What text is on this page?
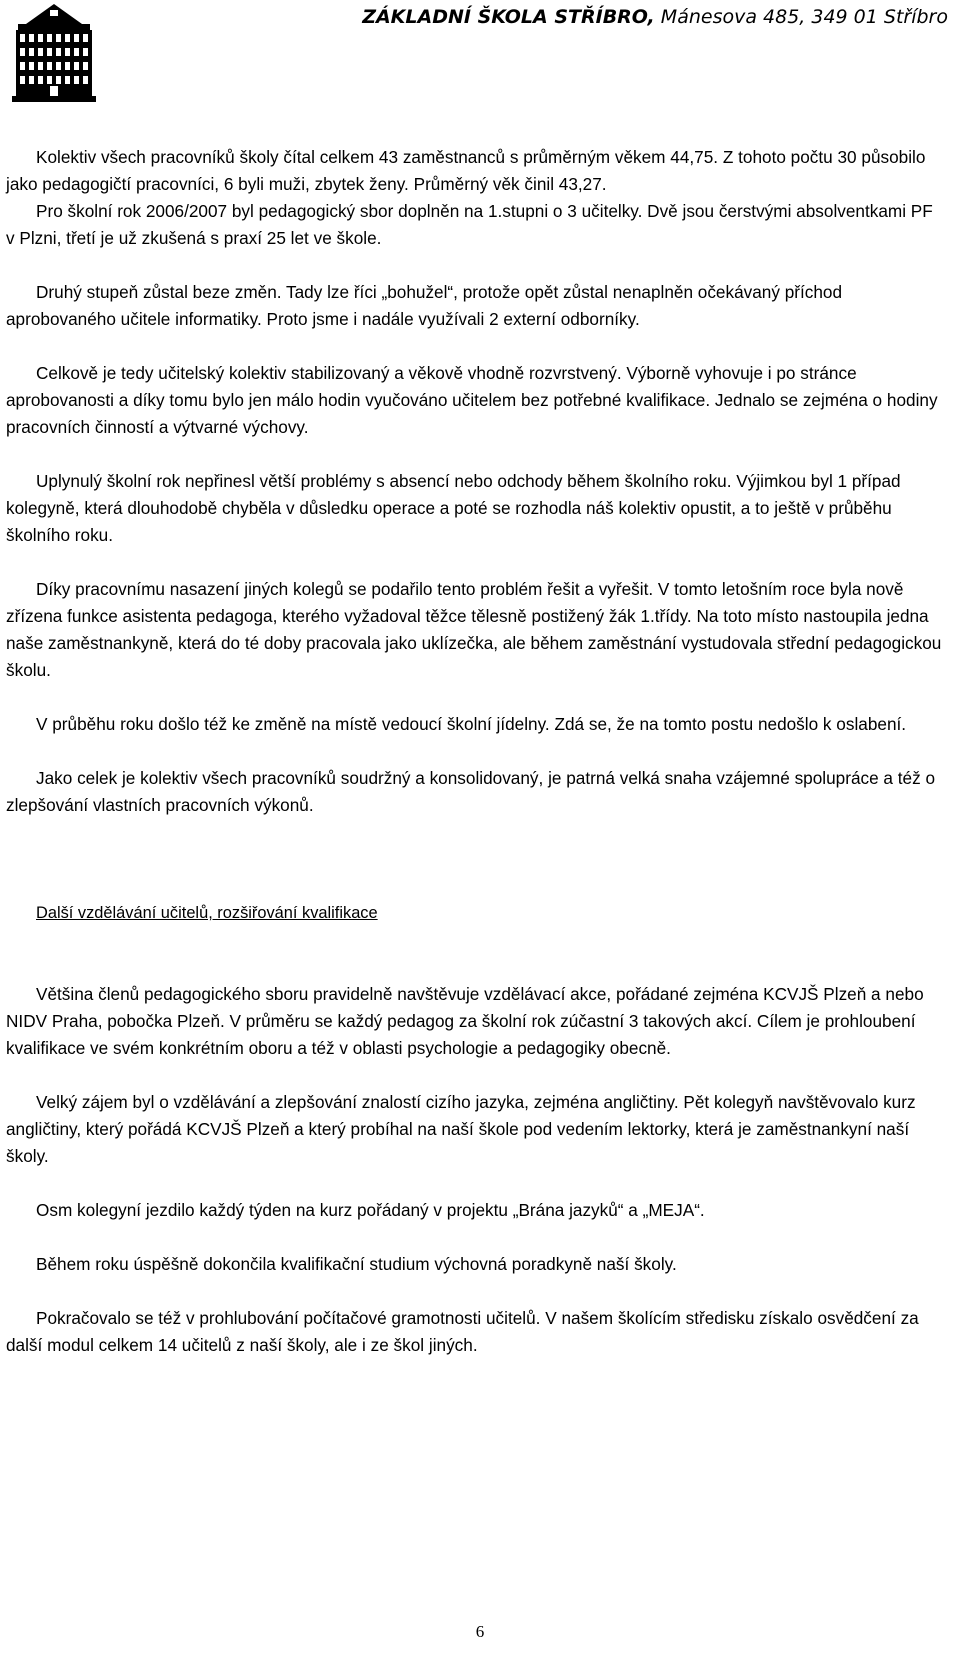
ZÁKLADNÍ ŠKOLA STŘÍBRO, Mánesova 485, 349 01 Stříbro

Kolektiv všech pracovníků školy čítal celkem 43 zaměstnanců s průměrným věkem 44,75. Z tohoto počtu 30 působilo jako pedagogičtí pracovníci, 6 byli muži, zbytek ženy. Průměrný věk činil 43,27.

Pro školní rok 2006/2007 byl pedagogický sbor doplněn na 1.stupni o 3 učitelky. Dvě jsou čerstvými absolventkami PF v Plzni, třetí je už zkušená s praxí 25 let ve škole.

Druhý stupeň zůstal beze změn. Tady lze říci „bohužel“, protože opět zůstal nenaplněn očekávaný příchod aprobovaného učitele informatiky. Proto jsme i nadále využívali 2 externí odborníky.

Celkově je tedy učitelský kolektiv stabilizovaný a věkově vhodně rozvrstvený. Výborně vyhovuje i po stránce aprobovanosti a díky tomu bylo jen málo hodin vyučováno učitelem bez potřebné kvalifikace. Jednalo se zejména o hodiny pracovních činností a výtvarné výchovy.

Uplynulý školní rok nepřinesl větší problémy s absencí nebo odchody během školního roku. Výjimkou byl 1 případ kolegyně, která dlouhodobě chyběla v důsledku operace a poté se rozhodla náš kolektiv opustit, a to ještě v průběhu školního roku.

Díky pracovnímu nasazení jiných kolegů se podařilo tento problém řešit a vyřešit. V tomto letošním roce byla nově zřízena funkce asistenta pedagoga, kterého vyžadoval těžce tělesně postižený žák 1.třídy. Na toto místo nastoupila jedna naše zaměstnankyně, která do té doby pracovala jako uklízečka, ale během zaměstnání vystudovala střední pedagogickou školu.

V průběhu roku došlo též ke změně na místě vedoucí školní jídelny. Zdá se, že na tomto postu nedošlo k oslabení.

Jako celek je kolektiv všech pracovníků soudržný a konsolidovaný, je patrná velká snaha vzájemné spolupráce a též o zlepšování vlastních pracovních výkonů.

Další vzdělávání učitelů, rozšiřování kvalifikace

Většina členů pedagogického sboru pravidelně navštěvuje vzdělávací akce, pořádané zejména KCVJŠ Plzeň a nebo NIDV Praha, pobočka Plzeň. V průměru se každý pedagog za školní rok zúčastní 3 takových akcí. Cílem je prohloubení kvalifikace ve svém konkrétním oboru a též v oblasti psychologie a pedagogiky obecně.

Velký zájem byl o vzdělávání a zlepšování znalostí cizího jazyka, zejména angličtiny. Pět kolegyň navštěvovalo kurz angličtiny, který pořádá KCVJŠ Plzeň a který probíhal na naší škole pod vedením lektorky, která je zaměstnankyní naší školy.

Osm kolegyní jezdilo každý týden na kurz pořádaný v projektu „Brána jazyků“ a „MEJA“.

Během roku úspěšně dokončila kvalifikační studium výchovná poradkyně naší školy.

Pokračovalo se též v prohlubování počítačové gramotnosti učitelů. V našem školícím středisku získalo osvědčení za další modul celkem 14 učitelů z naší školy, ale i ze škol jiných.

6
